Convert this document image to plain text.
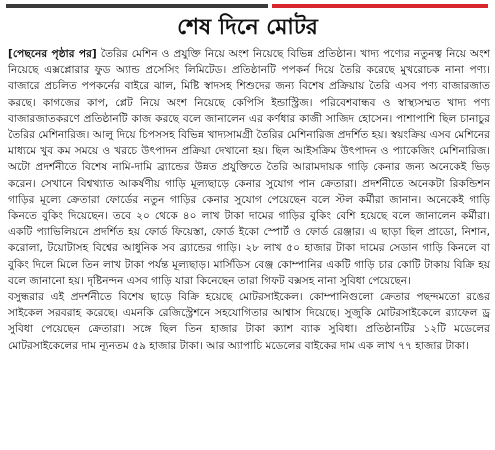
শেষ দিনে মোটর

[পেছনের পৃষ্ঠার পর] তৈরির মেশিন ও প্রযুক্তি নিয়ে অংশ নিয়েছে বিভিন্ন প্রতিষ্ঠান। খাদ্য পণ্যের নতুনত্ব নিয়ে অংশ নিয়েছে এক্সপ্লোরার ফুড অ্যান্ড প্রসেসিং লিমিটেড। প্রতিষ্ঠানটি পপকর্ন দিয়ে তৈরি করেছে মুখরোচক নানা পণ্য। বাজারে প্রচলিত পপকর্নের বাইরে ঝাল, মিষ্টি স্বাদসহ শিশুদের জন্য বিশেষ প্রক্রিয়ায় তৈরি এসব পণ্য বাজারজাত করছে। কাগজের কাপ, প্লেট নিয়ে অংশ নিয়েছে কেপিসি ইন্ডাস্ট্রিজ। পরিবেশবান্ধব ও স্বাস্থ্যসম্মত খাদ্য পণ্য বাজারজাতকরণে প্রতিষ্ঠানটি কাজ করছে বলে জানালেন এর কর্ণধার কাজী সাজিদ হোসেন। পাশাপাশি ছিল চানাচুর তৈরির মেশিনারিজ। আলু দিয়ে চিপসসহ বিভিন্ন খাদ্যসামগ্রী তৈরির মেশিনারিজ প্রদর্শিত হয়। স্বয়ংক্রিয় এসব মেশিনের মাধ্যমে খুব কম সময়ে ও খরচে উৎপাদন প্রক্রিয়া দেখানো হয়। ছিল আইসক্রিম উৎপাদন ও প্যাকেজিং মেশিনারিজ। অটো প্রদর্শনীতে বিশেষ নামি-দামি ব্র্যান্ডের উন্নত প্রযুক্তিতে তৈরি আরামদায়ক গাড়ি কেনার জন্য অনেকেই ভিড় করেন। সেখানে বিশ্বখ্যাত আকর্ষণীয় গাড়ি মূল্যছাড়ে কেনার সুযোগ পান ক্রেতারা। প্রদর্শনীতে অনেকটা রিকন্ডিশন গাড়ির মূল্যে ক্রেতারা ফোর্ডের নতুন গাড়ির কেনার সুযোগ পেয়েছেন বলে স্টল কর্মীরা জানান। অনেকেই গাড়ি কিনতে বুকিং দিয়েছেন। তবে ২০ থেকে ৪০ লাখ টাকা দামের গাড়ির বুকিং বেশি হয়েছে বলে জানালেন কর্মীরা। একটি প্যাভিলিয়নে প্রদর্শিত হয় ফোর্ড ফিয়েস্তা, ফোর্ড ইকো স্পোর্ট ও ফোর্ড রেঞ্জার। এ ছাড়া ছিল প্রাডো, নিশান, করোলা, টয়োটাসহ বিশ্বের আধুনিক সব ব্র্যান্ডের গাড়ি। ২৮ লাখ ৫০ হাজার টাকা দামের সেডান গাড়ি কিনলে বা বুকিং দিলে মিলে তিন লাখ টাকা পর্যন্ত মূল্যছাড়। মার্সিডিস বেঞ্জ কোম্পানির একটি গাড়ি চার কোটি টাকায় বিক্রি হয় বলে জানানো হয়। দৃষ্টিনন্দন এসব গাড়ি যারা কিনেছেন তারা গিফট বক্সসহ নানা সুবিধা পেয়েছেন।

বসুন্ধরার এই প্রদর্শনীতে বিশেষ ছাড়ে বিক্রি হয়েছে মোটরসাইকেল। কোম্পানিগুলো ক্রেতার পছন্দমতো রঙের সাইকেল সরবরাহ করেছে। এমনকি রেজিস্ট্রেশনে সহযোগিতার আশ্বাস দিয়েছে। সুজুকি মোটরসাইকেলে র‌্যাফেল ড্র সুবিধা পেয়েছেন ক্রেতারা। সঙ্গে ছিল তিন হাজার টাকা ক্যাশ ব্যাক সুবিধা। প্রতিষ্ঠানটির ১২টি মডেলের মোটরসাইকেলের দাম ন্যূনতম ৫৯ হাজার টাকা। আর অ্যাপাচি মডেলের বাইকের দাম এক লাখ ৭৭ হাজার টাকা।
